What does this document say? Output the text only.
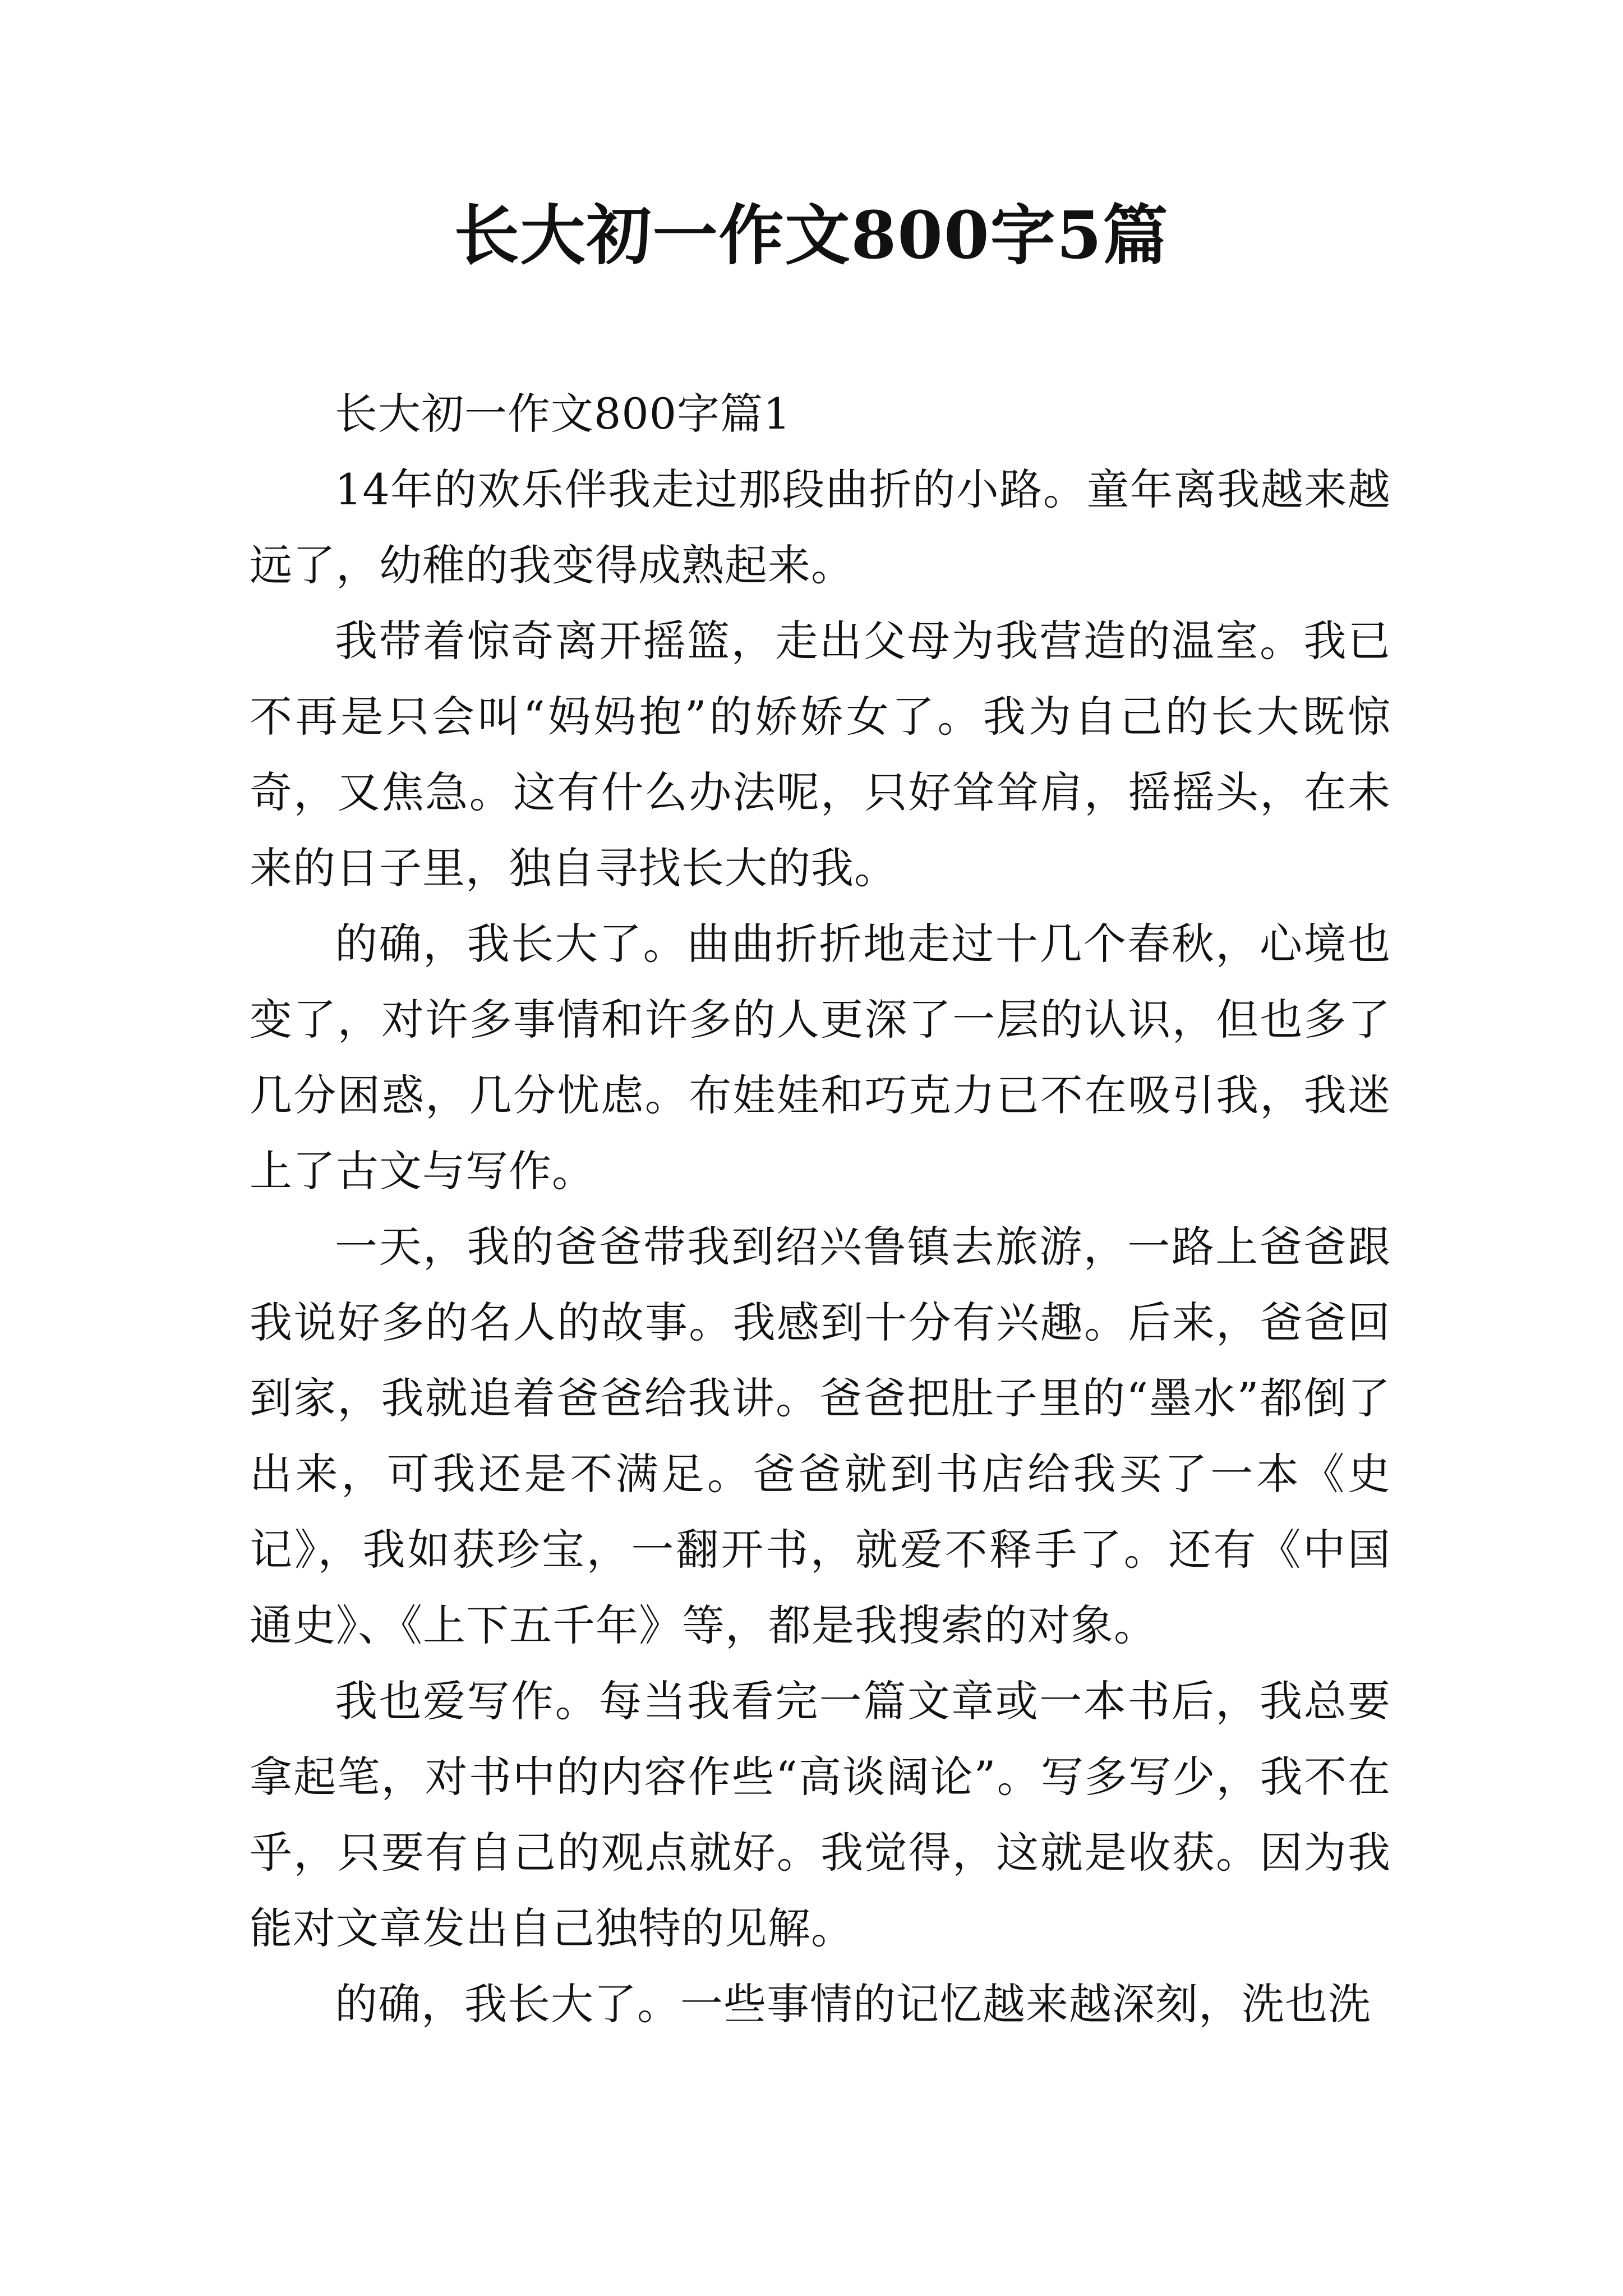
长大初一作文800字5篇

长大初一作文800字篇1

14年的欢乐伴我走过那段曲折的小路。童年离我越来越远了，幼稚的我变得成熟起来。

我带着惊奇离开摇篮，走出父母为我营造的温室。我已不再是只会叫“妈妈抱”的娇娇女了。我为自己的长大既惊奇，又焦急。这有什么办法呢，只好耸耸肩，摇摇头，在未来的日子里，独自寻找长大的我。

的确，我长大了。曲曲折折地走过十几个春秋，心境也变了，对许多事情和许多的人更深了一层的认识，但也多了几分困惑，几分忧虑。布娃娃和巧克力已不在吸引我，我迷上了古文与写作。

一天，我的爸爸带我到绍兴鲁镇去旅游，一路上爸爸跟我说好多的名人的故事。我感到十分有兴趣。后来，爸爸回到家，我就追着爸爸给我讲。爸爸把肚子里的“墨水”都倒了出来，可我还是不满足。爸爸就到书店给我买了一本《史记》，我如获珍宝，一翻开书，就爱不释手了。还有《中国通史》、《上下五千年》等，都是我搜索的对象。

我也爱写作。每当我看完一篇文章或一本书后，我总要拿起笔，对书中的内容作些“高谈阔论”。写多写少，我不在乎，只要有自己的观点就好。我觉得，这就是收获。因为我能对文章发出自己独特的见解。

的确，我长大了。一些事情的记忆越来越深刻，洗也洗
